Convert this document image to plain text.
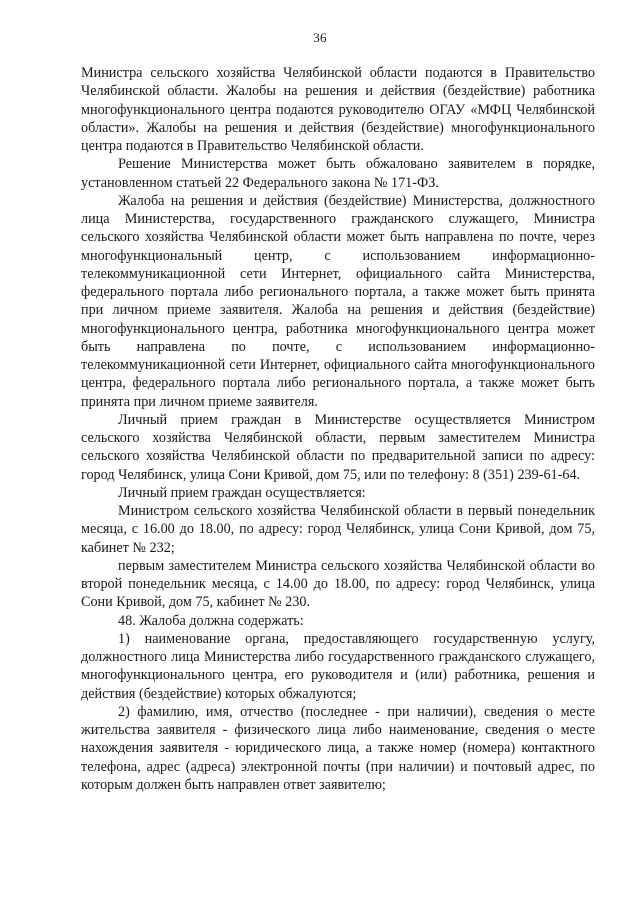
36

Министра сельского хозяйства Челябинской области подаются в Правительство Челябинской области. Жалобы на решения и действия (бездействие) работника многофункционального центра подаются руководителю ОГАУ «МФЦ Челябинской области». Жалобы на решения и действия (бездействие) многофункционального центра подаются в Правительство Челябинской области.

Решение Министерства может быть обжаловано заявителем в порядке, установленном статьей 22 Федерального закона № 171-ФЗ.

Жалоба на решения и действия (бездействие) Министерства, должностного лица Министерства, государственного гражданского служащего, Министра сельского хозяйства Челябинской области может быть направлена по почте, через многофункциональный центр, с использованием информационно-телекоммуникационной сети Интернет, официального сайта Министерства, федерального портала либо регионального портала, а также может быть принята при личном приеме заявителя. Жалоба на решения и действия (бездействие) многофункционального центра, работника многофункционального центра может быть направлена по почте, с использованием информационно-телекоммуникационной сети Интернет, официального сайта многофункционального центра, федерального портала либо регионального портала, а также может быть принята при личном приеме заявителя.

Личный прием граждан в Министерстве осуществляется Министром сельского хозяйства Челябинской области, первым заместителем Министра сельского хозяйства Челябинской области по предварительной записи по адресу: город Челябинск, улица Сони Кривой, дом 75, или по телефону: 8 (351) 239-61-64.

Личный прием граждан осуществляется:

Министром сельского хозяйства Челябинской области в первый понедельник месяца, с 16.00 до 18.00, по адресу: город Челябинск, улица Сони Кривой, дом 75, кабинет № 232;

первым заместителем Министра сельского хозяйства Челябинской области во второй понедельник месяца, с 14.00 до 18.00, по адресу: город Челябинск, улица Сони Кривой, дом 75, кабинет № 230.

48. Жалоба должна содержать:

1) наименование органа, предоставляющего государственную услугу, должностного лица Министерства либо государственного гражданского служащего, многофункционального центра, его руководителя и (или) работника, решения и действия (бездействие) которых обжалуются;

2) фамилию, имя, отчество (последнее - при наличии), сведения о месте жительства заявителя - физического лица либо наименование, сведения о месте нахождения заявителя - юридического лица, а также номер (номера) контактного телефона, адрес (адреса) электронной почты (при наличии) и почтовый адрес, по которым должен быть направлен ответ заявителю;
